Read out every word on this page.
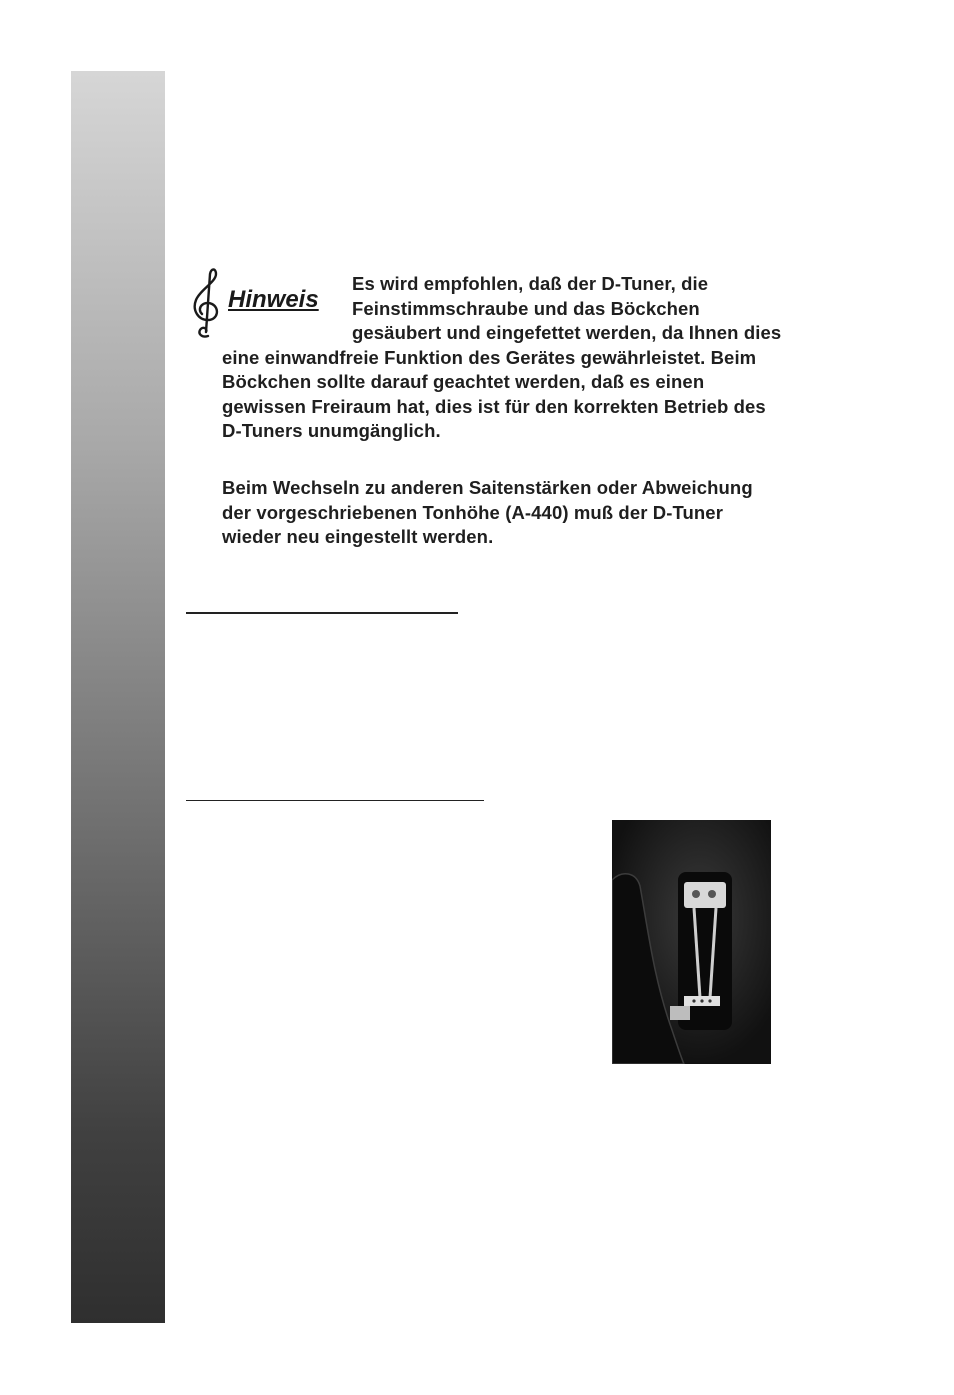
Hinweis
Es wird empfohlen, daß der D-Tuner, die Feinstimmschraube und das Böckchen gesäubert und eingefettet werden, da Ihnen dies eine einwandfreie Funktion des Gerätes gewährleistet. Beim Böckchen sollte darauf geachtet werden, daß es einen gewissen Freiraum hat, dies ist für den korrekten Betrieb des D-Tuners unumgänglich.

Beim Wechseln zu anderen Saitenstärken oder Abweichung der vorgeschriebenen Tonhöhe (A-440) muß der D-Tuner wieder neu eingestellt werden.
